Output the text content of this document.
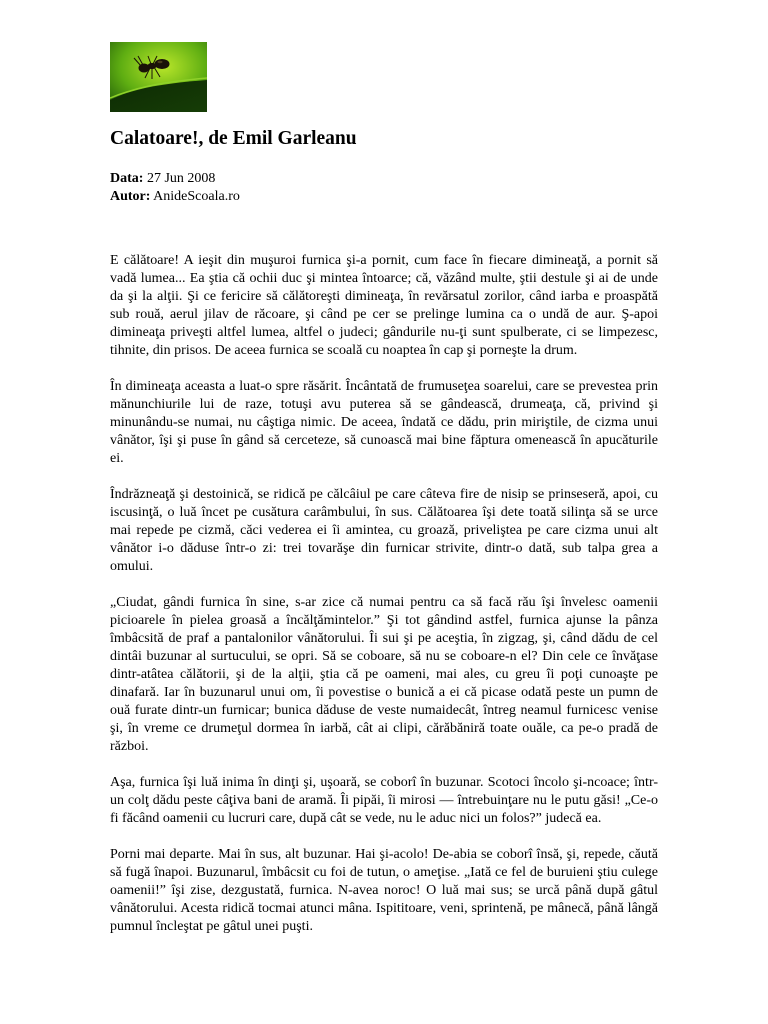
Calatoare!, de Emil Garleanu
Data: 27 Jun 2008
Autor: AnideScoala.ro

E călătoare! A ieşit din muşuroi furnica şi-a pornit, cum face în fiecare dimineaţă, a pornit să vadă lumea... Ea ştia că ochii duc şi mintea întoarce; că, văzând multe, ştii destule şi ai de unde da şi la alţii. Şi ce fericire să călătoreşti dimineaţa, în revărsatul zorilor, când iarba e proaspătă sub rouă, aerul jilav de răcoare, şi când pe cer se prelinge lumina ca o undă de aur. Ş-apoi dimineaţa priveşti altfel lumea, altfel o judeci; gândurile nu-ţi sunt spulberate, ci se limpezesc, tihnite, din prisos. De aceea furnica se scoală cu noaptea în cap şi porneşte la drum.

În dimineaţa aceasta a luat-o spre răsărit. Încântată de frumuseţea soarelui, care se prevestea prin mănunchiurile lui de raze, totuşi avu puterea să se gândească, drumeaţa, că, privind şi minunându-se numai, nu câştiga nimic. De aceea, îndată ce dădu, prin miriştile, de cizma unui vânător, îşi şi puse în gând să cerceteze, să cunoască mai bine făptura omenească în apucăturile ei.

Îndrăzneaţă şi destoinică, se ridică pe călcâiul pe care câteva fire de nisip se prinseseră, apoi, cu iscusinţă, o luă încet pe cusătura carâmbului, în sus. Călătoarea îşi dete toată silinţa să se urce mai repede pe cizmă, căci vederea ei îi amintea, cu groază, priveliştea pe care cizma unui alt vânător i-o dăduse într-o zi: trei tovarăşe din furnicar strivite, dintr-o dată, sub talpa grea a omului.

„Ciudat, gândi furnica în sine, s-ar zice că numai pentru ca să facă rău îşi învelesc oamenii picioarele în pielea groasă a încălţămintelor.” Şi tot gândind astfel, furnica ajunse la pânza îmbâcsită de praf a pantalonilor vânătorului. Îi sui şi pe aceştia, în zigzag, şi, când dădu de cel dintâi buzunar al surtucului, se opri. Să se coboare, să nu se coboare-n el? Din cele ce învăţase dintr-atâtea călătorii, şi de la alţii, ştia că pe oameni, mai ales, cu greu îi poţi cunoaşte pe dinafară. Iar în buzunarul unui om, îi povestise o bunică a ei că picase odată peste un pumn de ouă furate dintr-un furnicar; bunica dăduse de veste numaidecât, întreg neamul furnicesc venise şi, în vreme ce drumeţul dormea în iarbă, cât ai clipi, cărăbăniră toate ouăle, ca pe-o pradă de război.

Aşa, furnica îşi luă inima în dinţi şi, uşoară, se coborî în buzunar. Scotoci încolo şi-ncoace; într-un colţ dădu peste câţiva bani de aramă. Îi pipăi, îi mirosi — întrebuinţare nu le putu găsi! „Ce-o fi făcând oamenii cu lucruri care, după cât se vede, nu le aduc nici un folos?” judecă ea.

Porni mai departe. Mai în sus, alt buzunar. Hai şi-acolo! De-abia se coborî însă, şi, repede, căută să fugă înapoi. Buzunarul, îmbâcsit cu foi de tutun, o ameţise. „Iată ce fel de buruieni ştiu culege oamenii!” îşi zise, dezgustată, furnica. N-avea noroc! O luă mai sus; se urcă până după gâtul vânătorului. Acesta ridică tocmai atunci mâna. Ispititoare, veni, sprintenă, pe mânecă, până lângă pumnul încleştat pe gâtul unei puşti.
